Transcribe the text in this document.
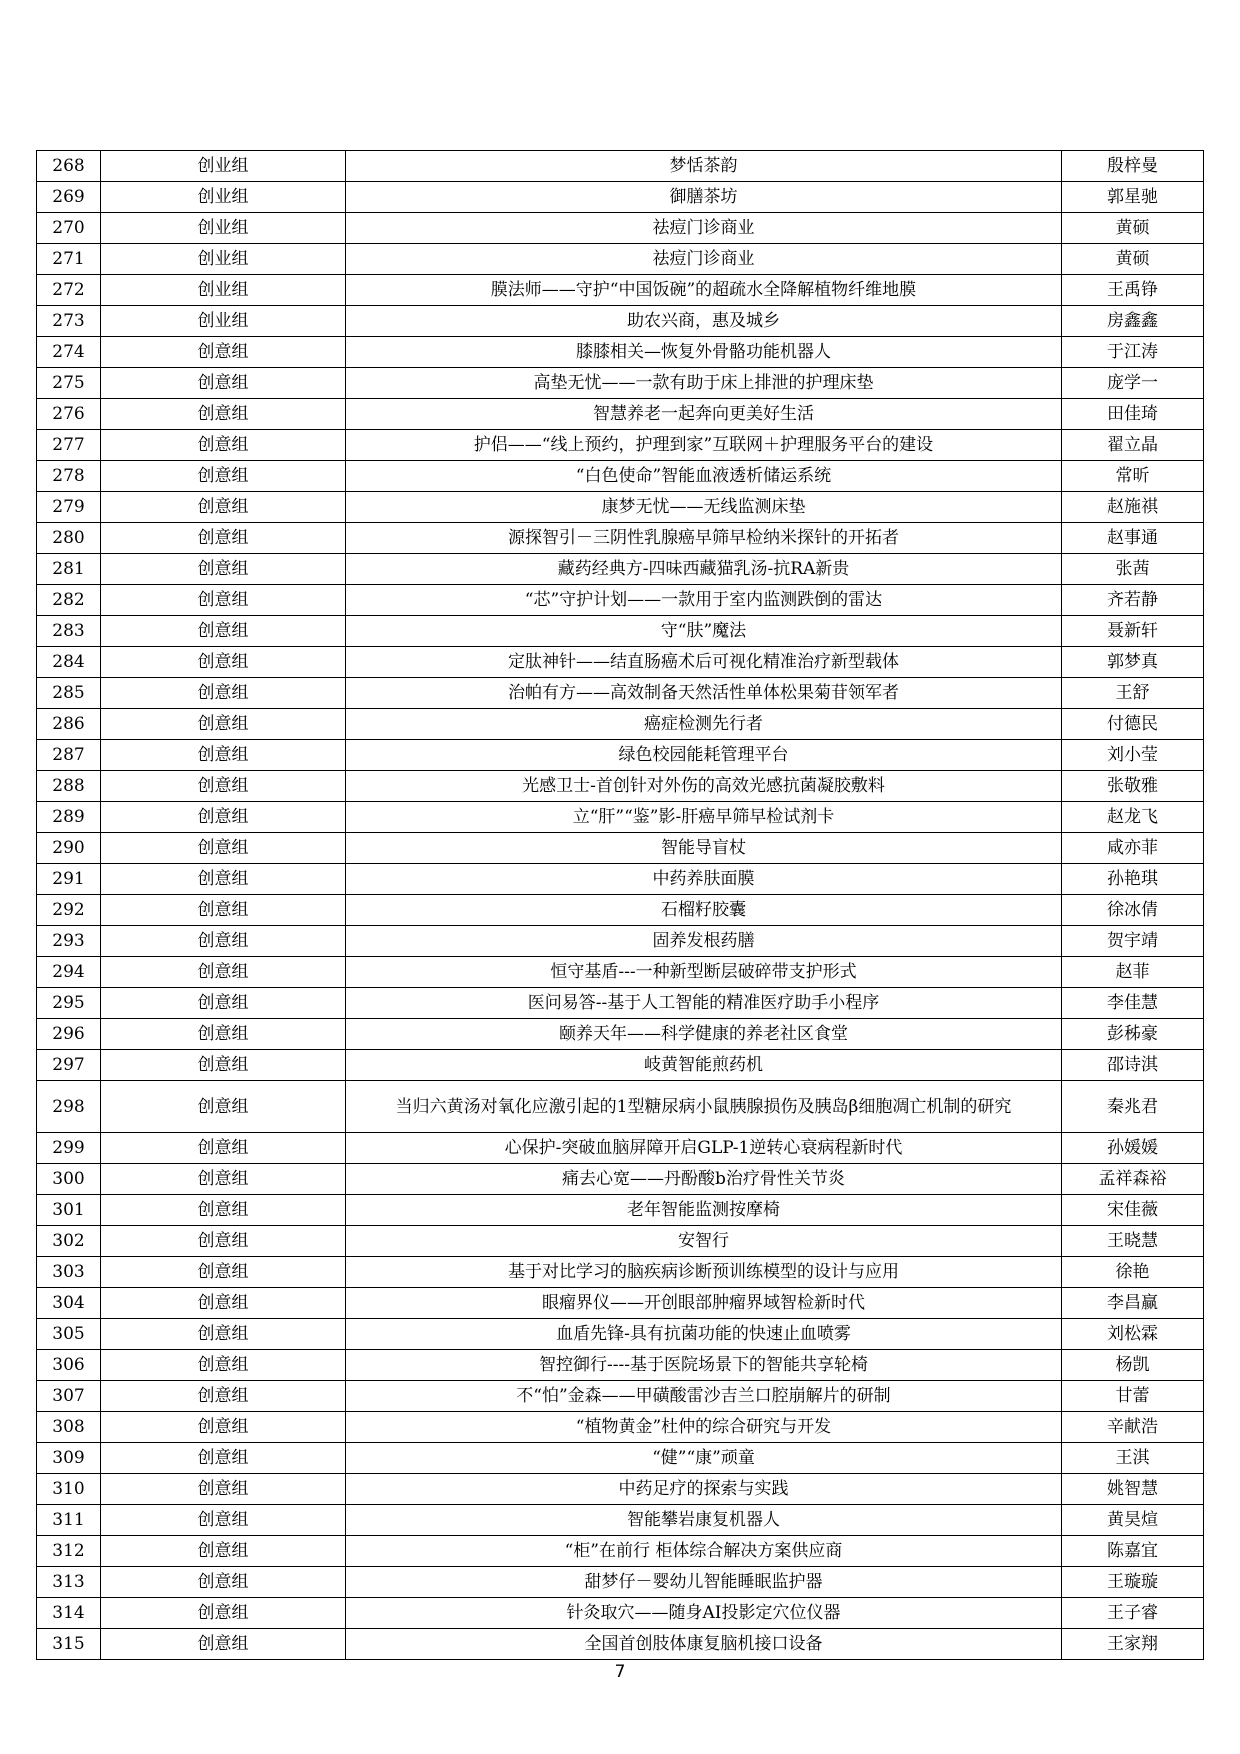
268	创业组	梦恬茶韵	殷梓曼
269	创业组	御膳茶坊	郭星驰
270	创业组	祛痘门诊商业	黄硕
271	创业组	祛痘门诊商业	黄硕
272	创业组	膜法师——守护“中国饭碗”的超疏水全降解植物纤维地膜	王禹铮
273	创业组	助农兴商，惠及城乡	房鑫鑫
274	创意组	膝膝相关—恢复外骨骼功能机器人	于江涛
275	创意组	高垫无忧——一款有助于床上排泄的护理床垫	庞学一
276	创意组	智慧养老一起奔向更美好生活	田佳琦
277	创意组	护侣——“线上预约，护理到家”互联网＋护理服务平台的建设	翟立晶
278	创意组	“白色使命”智能血液透析储运系统	常昕
279	创意组	康梦无忧——无线监测床垫	赵施祺
280	创意组	源探智引－三阴性乳腺癌早筛早检纳米探针的开拓者	赵事通
281	创意组	藏药经典方-四味西藏猫乳汤-抗RA新贵	张茜
282	创意组	“芯”守护计划——一款用于室内监测跌倒的雷达	齐若静
283	创意组	守“肤”魔法	聂新轩
284	创意组	定肽神针——结直肠癌术后可视化精准治疗新型载体	郭梦真
285	创意组	治帕有方——高效制备天然活性单体松果菊苷领军者	王舒
286	创意组	癌症检测先行者	付德民
287	创意组	绿色校园能耗管理平台	刘小莹
288	创意组	光感卫士-首创针对外伤的高效光感抗菌凝胶敷料	张敬雅
289	创意组	立“肝”“鉴”影-肝癌早筛早检试剂卡	赵龙飞
290	创意组	智能导盲杖	咸亦菲
291	创意组	中药养肤面膜	孙艳琪
292	创意组	石榴籽胶囊	徐冰倩
293	创意组	固养发根药膳	贺宇靖
294	创意组	恒守基盾---一种新型断层破碎带支护形式	赵菲
295	创意组	医问易答--基于人工智能的精准医疗助手小程序	李佳慧
296	创意组	颐养天年——科学健康的养老社区食堂	彭秭豪
297	创意组	岐黄智能煎药机	邵诗淇
298	创意组	当归六黄汤对氧化应激引起的1型糖尿病小鼠胰腺损伤及胰岛β细胞凋亡机制的研究	秦兆君
299	创意组	心保护-突破血脑屏障开启GLP-1逆转心衰病程新时代	孙媛媛
300	创意组	痛去心宽——丹酚酸b治疗骨性关节炎	孟祥森裕
301	创意组	老年智能监测按摩椅	宋佳薇
302	创意组	安智行	王晓慧
303	创意组	基于对比学习的脑疾病诊断预训练模型的设计与应用	徐艳
304	创意组	眼瘤界仪——开创眼部肿瘤界域智检新时代	李昌赢
305	创意组	血盾先锋-具有抗菌功能的快速止血喷雾	刘松霖
306	创意组	智控御行----基于医院场景下的智能共享轮椅	杨凯
307	创意组	不“怕”金森——甲磺酸雷沙吉兰口腔崩解片的研制	甘蕾
308	创意组	“植物黄金”杜仲的综合研究与开发	辛献浩
309	创意组	“健”“康”顽童	王淇
310	创意组	中药足疗的探索与实践	姚智慧
311	创意组	智能攀岩康复机器人	黄昊煊
312	创意组	“柜”在前行 柜体综合解决方案供应商	陈嘉宜
313	创意组	甜梦仔－婴幼儿智能睡眠监护器	王璇璇
314	创意组	针灸取穴——随身AI投影定穴位仪器	王子睿
315	创意组	全国首创肢体康复脑机接口设备	王家翔
7
